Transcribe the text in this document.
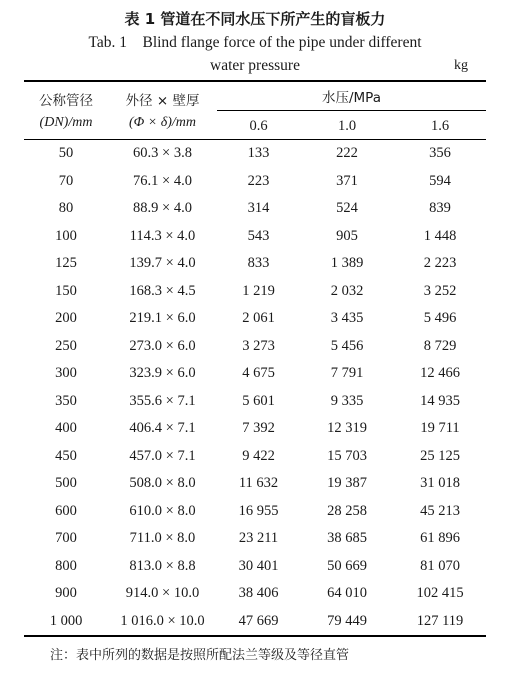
表 1 管道在不同水压下所产生的盲板力
Tab. 1    Blind flange force of the pipe under different
water pressure	kg
公称管径
(DN)/mm
外径 × 壁厚
(Φ × δ)/mm
水压/MPa
0.6	1.0	1.6
50	60.3 × 3.8	133	222	356
70	76.1 × 4.0	223	371	594
80	88.9 × 4.0	314	524	839
100	114.3 × 4.0	543	905	1 448
125	139.7 × 4.0	833	1 389	2 223
150	168.3 × 4.5	1 219	2 032	3 252
200	219.1 × 6.0	2 061	3 435	5 496
250	273.0 × 6.0	3 273	5 456	8 729
300	323.9 × 6.0	4 675	7 791	12 466
350	355.6 × 7.1	5 601	9 335	14 935
400	406.4 × 7.1	7 392	12 319	19 711
450	457.0 × 7.1	9 422	15 703	25 125
500	508.0 × 8.0	11 632	19 387	31 018
600	610.0 × 8.0	16 955	28 258	45 213
700	711.0 × 8.0	23 211	38 685	61 896
800	813.0 × 8.8	30 401	50 669	81 070
900	914.0 × 10.0	38 406	64 010	102 415
1 000	1 016.0 × 10.0	47 669	79 449	127 119
注：表中所列的数据是按照所配法兰等级及等径直管
